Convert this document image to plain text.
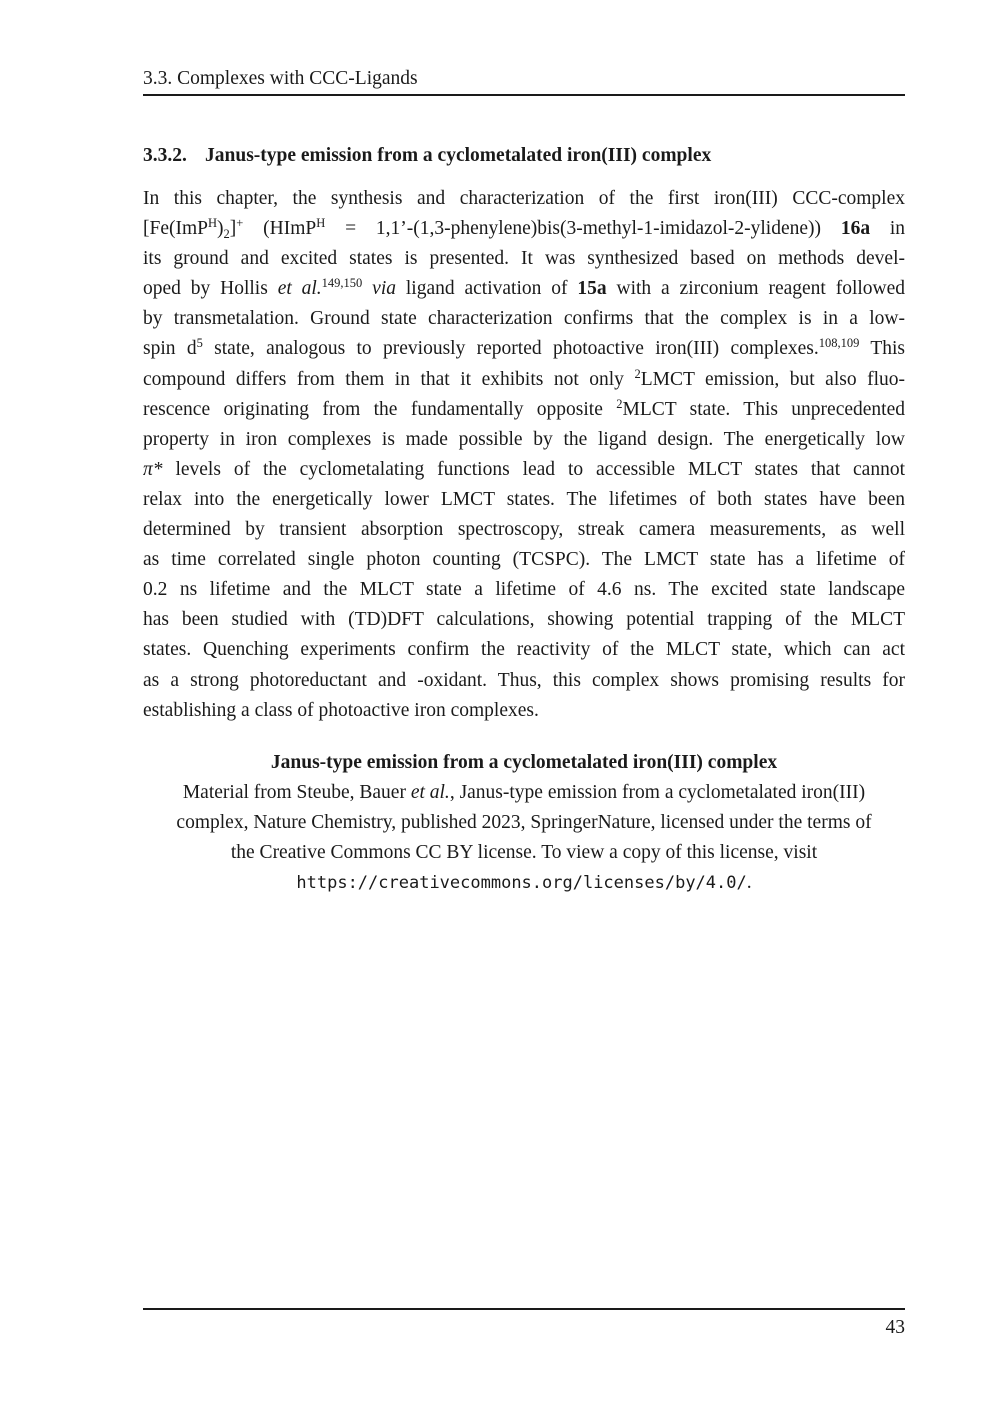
3.3. Complexes with CCC-Ligands
3.3.2. Janus-type emission from a cyclometalated iron(III) complex
In this chapter, the synthesis and characterization of the first iron(III) CCC-complex
$[Fe(ImP^H)_2]^+$ (HImP$^H$ = 1,1’-(1,3-phenylene)bis(3-methyl-1-imidazol-2-ylidene)) 16a in
its ground and excited states is presented. It was synthesized based on methods devel-
oped by Hollis et al.$^{149,150}$ via ligand activation of 15a with a zirconium reagent followed
by transmetalation. Ground state characterization confirms that the complex is in a low-
spin $d^5$ state, analogous to previously reported photoactive iron(III) complexes.$^{108,109}$ This
compound differs from them in that it exhibits not only $^2$LMCT emission, but also fluo-
rescence originating from the fundamentally opposite $^2$MLCT state. This unprecedented
property in iron complexes is made possible by the ligand design. The energetically low
π* levels of the cyclometalating functions lead to accessible MLCT states that cannot
relax into the energetically lower LMCT states. The lifetimes of both states have been
determined by transient absorption spectroscopy, streak camera measurements, as well
as time correlated single photon counting (TCSPC). The LMCT state has a lifetime of
0.2 ns lifetime and the MLCT state a lifetime of 4.6 ns. The excited state landscape
has been studied with (TD)DFT calculations, showing potential trapping of the MLCT
states. Quenching experiments confirm the reactivity of the MLCT state, which can act
as a strong photoreductant and -oxidant. Thus, this complex shows promising results for
establishing a class of photoactive iron complexes.
Janus-type emission from a cyclometalated iron(III) complex
Material from Steube, Bauer et al., Janus-type emission from a cyclometalated iron(III)
complex, Nature Chemistry, published 2023, SpringerNature, licensed under the terms of
the Creative Commons CC BY license. To view a copy of this license, visit
https://creativecommons.org/licenses/by/4.0/.
43
